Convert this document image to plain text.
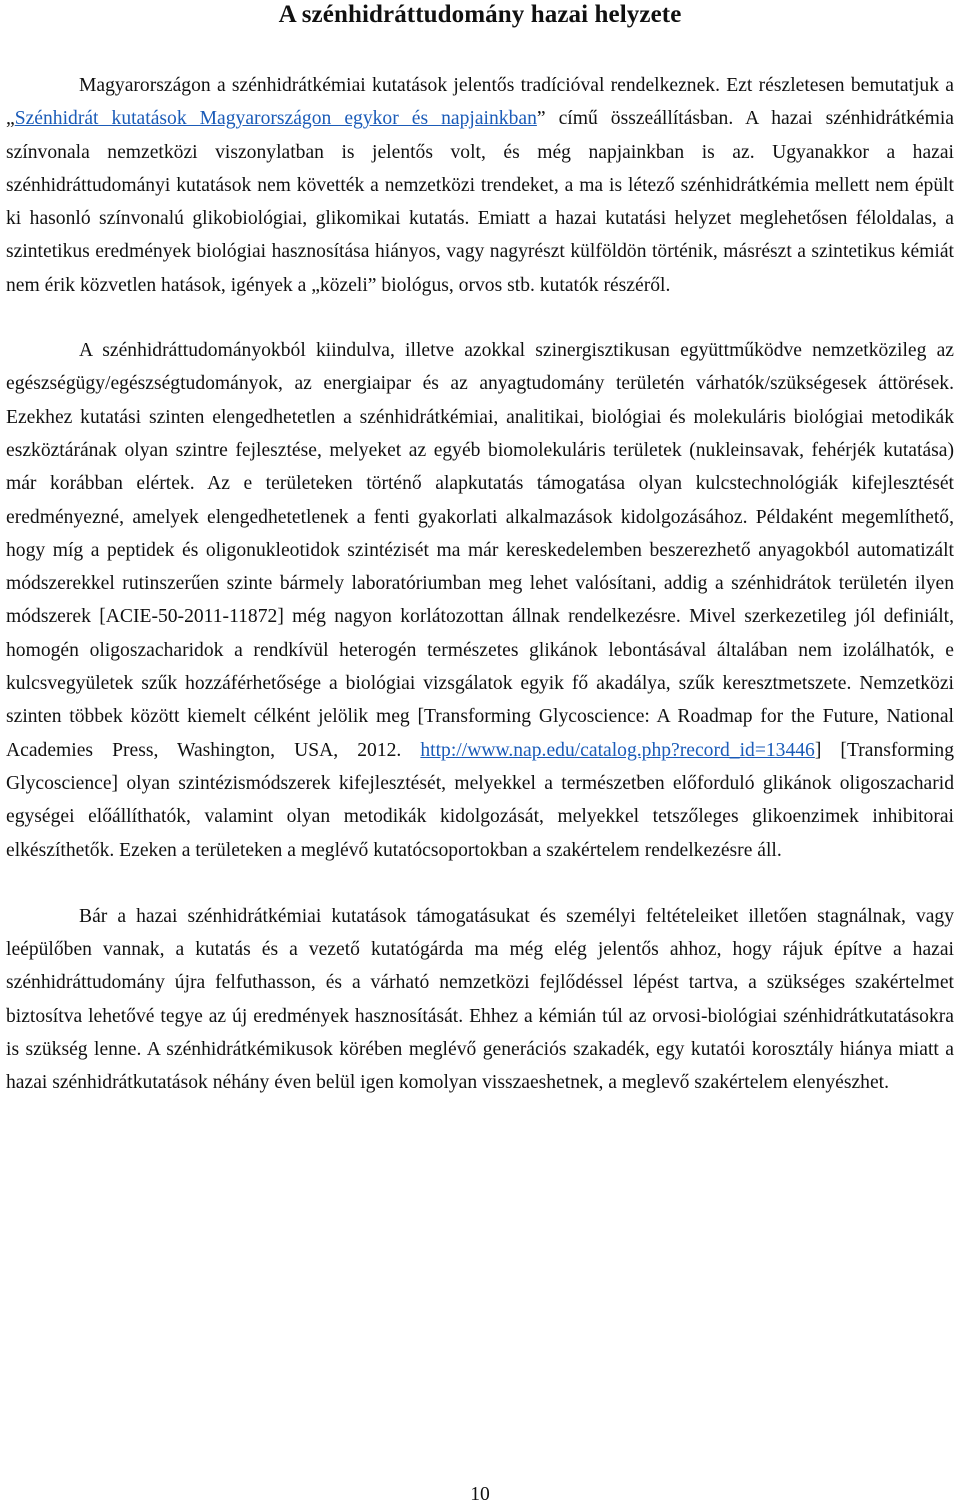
A szénhidráttudomány hazai helyzete

Magyarországon a szénhidrátkémiai kutatások jelentős tradícióval rendelkeznek. Ezt részletesen bemutatjuk a „Szénhidrát kutatások Magyarországon egykor és napjainkban” című összeállításban. A hazai szénhidrátkémia színvonala nemzetközi viszonylatban is jelentős volt, és még napjainkban is az. Ugyanakkor a hazai szénhidráttudományi kutatások nem követték a nemzetközi trendeket, a ma is létező szénhidrátkémia mellett nem épült ki hasonló színvonalú glikobiológiai, glikomikai kutatás. Emiatt a hazai kutatási helyzet meglehetősen féloldalas, a szintetikus eredmények biológiai hasznosítása hiányos, vagy nagyrészt külföldön történik, másrészt a szintetikus kémiát nem érik közvetlen hatások, igények a „közeli” biológus, orvos stb. kutatók részéről.

A szénhidráttudományokból kiindulva, illetve azokkal szinergisztikusan együttműködve nemzetközileg az egészségügy/egészségtudományok, az energiaipar és az anyagtudomány területén várhatók/szükségesek áttörések. Ezekhez kutatási szinten elengedhetetlen a szénhidrátkémiai, analitikai, biológiai és molekuláris biológiai metodikák eszköztárának olyan szintre fejlesztése, melyeket az egyéb biomolekuláris területek (nukleinsavak, fehérjék kutatása) már korábban elértek. Az e területeken történő alapkutatás támogatása olyan kulcstechnológiák kifejlesztését eredményezné, amelyek elengedhetetlenek a fenti gyakorlati alkalmazások kidolgozásához. Példaként megemlíthető, hogy míg a peptidek és oligonukleotidok szintézisét ma már kereskedelemben beszerezhető anyagokból automatizált módszerekkel rutinszerűen szinte bármely laboratóriumban meg lehet valósítani, addig a szénhidrátok területén ilyen módszerek [ACIE-50-2011-11872] még nagyon korlátozottan állnak rendelkezésre. Mivel szerkezetileg jól definiált, homogén oligoszacharidok a rendkívül heterogén természetes glikánok lebontásával általában nem izolálhatók, e kulcsvegyületek szűk hozzáférhetősége a biológiai vizsgálatok egyik fő akadálya, szűk keresztmetszete. Nemzetközi szinten többek között kiemelt célként jelölik meg [Transforming Glycoscience: A Roadmap for the Future, National Academies Press, Washington, USA, 2012. http://www.nap.edu/catalog.php?record_id=13446] [Transforming Glycoscience] olyan szintézismódszerek kifejlesztését, melyekkel a természetben előforduló glikánok oligoszacharid egységei előállíthatók, valamint olyan metodikák kidolgozását, melyekkel tetszőleges glikoenzimek inhibitorai elkészíthetők. Ezeken a területeken a meglévő kutatócsoportokban a szakértelem rendelkezésre áll.

Bár a hazai szénhidrátkémiai kutatások támogatásukat és személyi feltételeiket illetően stagnálnak, vagy leépülőben vannak, a kutatás és a vezető kutatógárda ma még elég jelentős ahhoz, hogy rájuk építve a hazai szénhidráttudomány újra felfuthasson, és a várható nemzetközi fejlődéssel lépést tartva, a szükséges szakértelmet biztosítva lehetővé tegye az új eredmények hasznosítását. Ehhez a kémián túl az orvosi-biológiai szénhidrátkutatásokra is szükség lenne. A szénhidrátkémikusok körében meglévő generációs szakadék, egy kutatói korosztály hiánya miatt a hazai szénhidrátkutatások néhány éven belül igen komolyan visszaeshetnek, a meglevő szakértelem elenyészhet.

10
